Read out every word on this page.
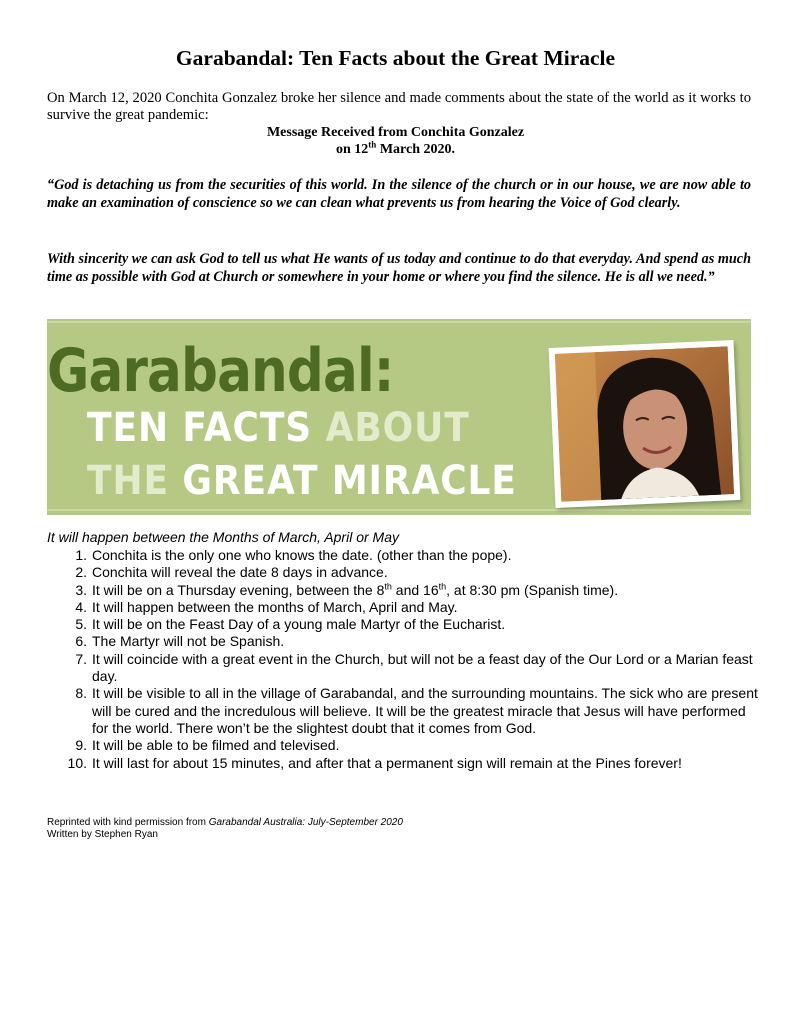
Garabandal: Ten Facts about the Great Miracle

On March 12, 2020 Conchita Gonzalez broke her silence and made comments about the state of the world as it works to survive the great pandemic:

Message Received from Conchita Gonzalez
on 12th March 2020.

“God is detaching us from the securities of this world. In the silence of the church or in our house, we are now able to make an examination of conscience so we can clean what prevents us from hearing the Voice of God clearly.

With sincerity we can ask God to tell us what He wants of us today and continue to do that everyday. And spend as much time as possible with God at Church or somewhere in your home or where you find the silence. He is all we need.”

Garabandal:
TEN FACTS ABOUT
THE GREAT MIRACLE

It will happen between the Months of March, April or May

1. Conchita is the only one who knows the date. (other than the pope).
2. Conchita will reveal the date 8 days in advance.
3. It will be on a Thursday evening, between the 8th and 16th, at 8:30 pm (Spanish time).
4. It will happen between the months of March, April and May.
5. It will be on the Feast Day of a young male Martyr of the Eucharist.
6. The Martyr will not be Spanish.
7. It will coincide with a great event in the Church, but will not be a feast day of the Our Lord or a Marian feast day.
8. It will be visible to all in the village of Garabandal, and the surrounding mountains. The sick who are present will be cured and the incredulous will believe. It will be the greatest miracle that Jesus will have performed for the world. There won’t be the slightest doubt that it comes from God.
9. It will be able to be filmed and televised.
10. It will last for about 15 minutes, and after that a permanent sign will remain at the Pines forever!
Reprinted with kind permission from Garabandal Australia: July-September 2020
Written by Stephen Ryan
